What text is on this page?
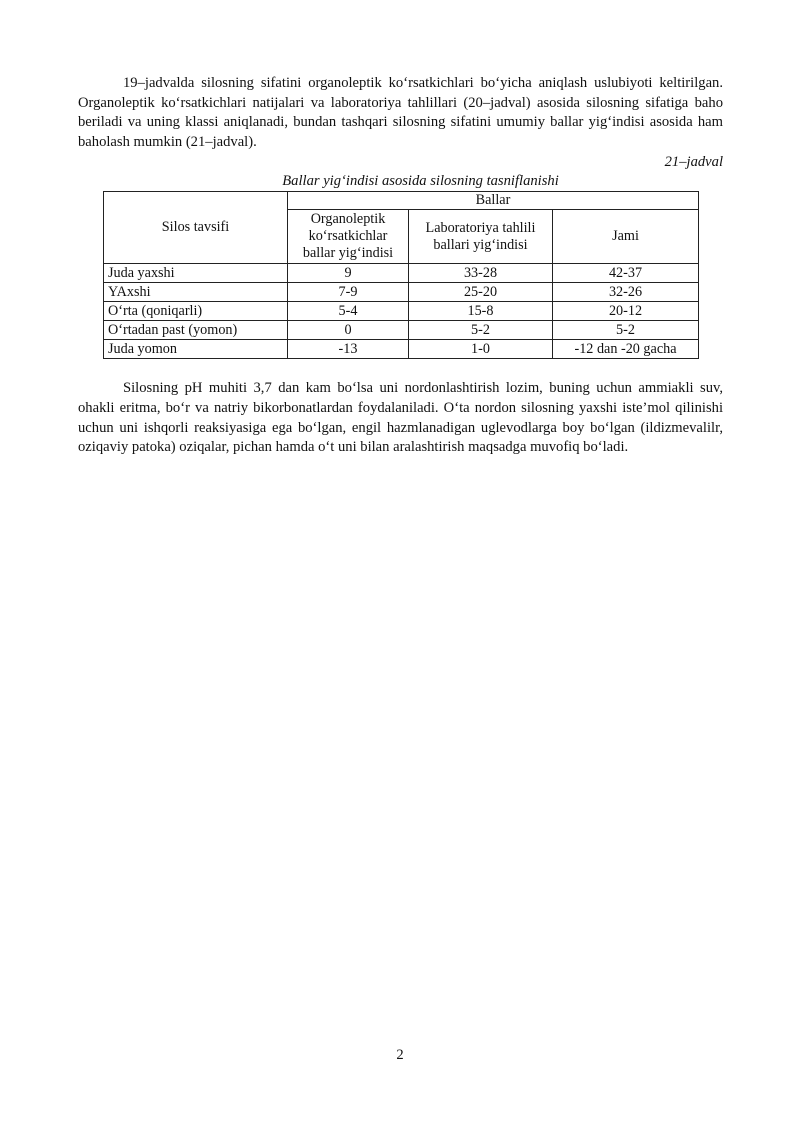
19–jadvalda silosning sifatini organoleptik ko‘rsatkichlari bo‘yicha aniqlash uslubiyoti keltirilgan. Organoleptik ko‘rsatkichlari natijalari va laboratoriya tahlillari (20–jadval) asosida silosning sifatiga baho beriladi va uning klassi aniqlanadi, bundan tashqari silosning sifatini umumiy ballar yig‘indisi asosida ham baholash mumkin (21–jadval).

21–jadval

Ballar yig‘indisi asosida silosning tasniflanishi

Silos tavsifi	Ballar		
	Organoleptik ko‘rsatkichlar ballar yig‘indisi	Laboratoriya tahlili ballari yig‘indisi	Jami
Juda yaxshi	9	33-28	42-37
YAxshi	7-9	25-20	32-26
O‘rta (qoniqarli)	5-4	15-8	20-12
O‘rtadan past (yomon)	0	5-2	5-2
Juda yomon	-13	1-0	-12 dan -20 gacha

Silosning pH muhiti 3,7 dan kam bo‘lsa uni nordonlashtirish lozim, buning uchun ammiakli suv, ohakli eritma, bo‘r va natriy bikorbonatlardan foydalaniladi. O‘ta nordon silosning yaxshi iste’mol qilinishi uchun uni ishqorli reaksiyasiga ega bo‘lgan, engil hazmlanadigan uglevodlarga boy bo‘lgan (ildizmevalilr, oziqaviy patoka) oziqalar, pichan hamda o‘t uni bilan aralashtirish maqsadga muvofiq bo‘ladi.

2
